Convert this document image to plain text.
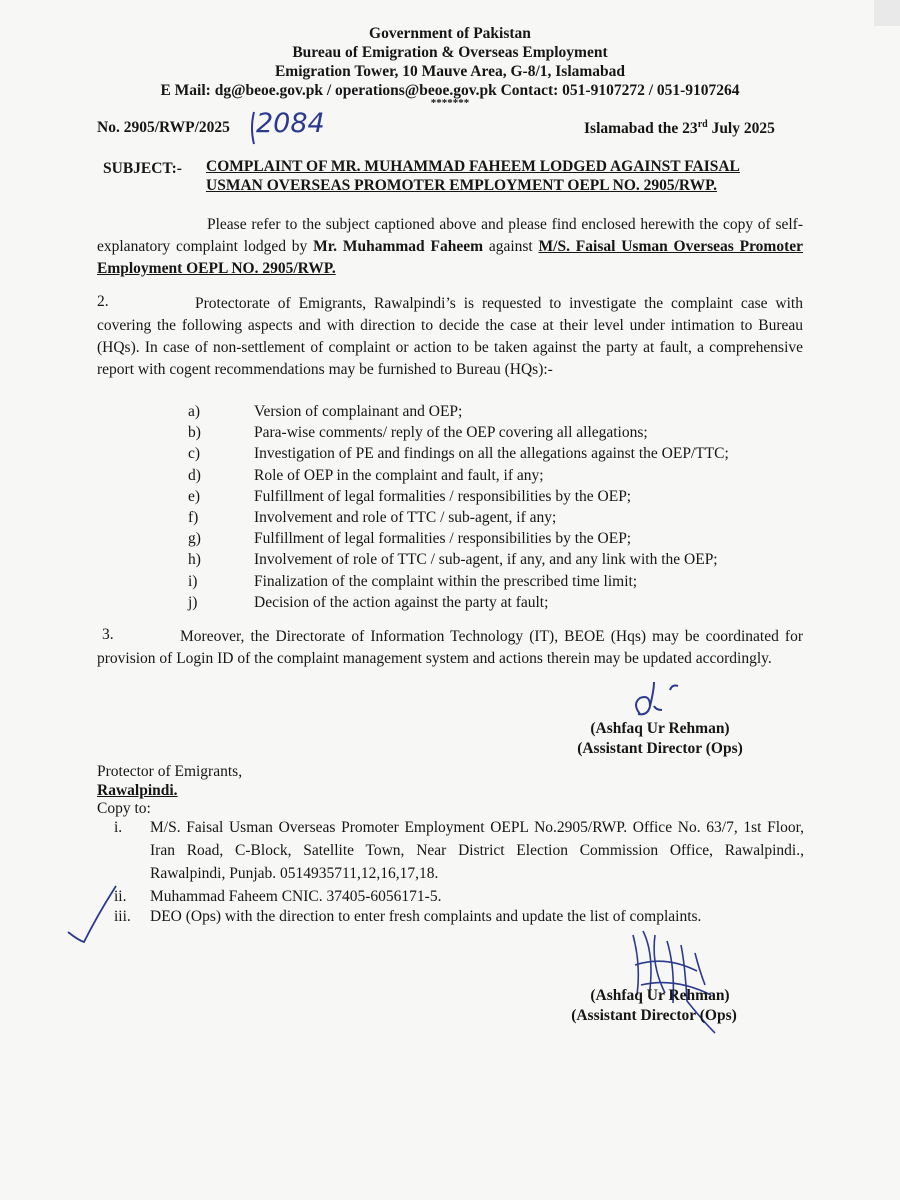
Government of Pakistan
Bureau of Emigration & Overseas Employment
Emigration Tower, 10 Mauve Area, G-8/1, Islamabad
E Mail: dg@beoe.gov.pk / operations@beoe.gov.pk Contact: 051-9107272 / 051-9107264
*******
No. 2905/RWP/2025 2084	Islamabad the 23rd July 2025
SUBJECT:- COMPLAINT OF MR. MUHAMMAD FAHEEM LODGED AGAINST FAISAL
USMAN OVERSEAS PROMOTER EMPLOYMENT OEPL NO. 2905/RWP.
Please refer to the subject captioned above and please find enclosed herewith the copy of self-explanatory complaint lodged by Mr. Muhammad Faheem against M/S. Faisal Usman Overseas Promoter Employment OEPL NO. 2905/RWP.
2.	Protectorate of Emigrants, Rawalpindi’s is requested to investigate the complaint case with covering the following aspects and with direction to decide the case at their level under intimation to Bureau (HQs). In case of non-settlement of complaint or action to be taken against the party at fault, a comprehensive report with cogent recommendations may be furnished to Bureau (HQs):-
a)	Version of complainant and OEP;
b)	Para-wise comments/ reply of the OEP covering all allegations;
c)	Investigation of PE and findings on all the allegations against the OEP/TTC;
d)	Role of OEP in the complaint and fault, if any;
e)	Fulfillment of legal formalities / responsibilities by the OEP;
f)	Involvement and role of TTC / sub-agent, if any;
g)	Fulfillment of legal formalities / responsibilities by the OEP;
h)	Involvement of role of TTC / sub-agent, if any, and any link with the OEP;
i)	Finalization of the complaint within the prescribed time limit;
j)	Decision of the action against the party at fault;
3.	Moreover, the Directorate of Information Technology (IT), BEOE (Hqs) may be coordinated for provision of Login ID of the complaint management system and actions therein may be updated accordingly.
(Ashfaq Ur Rehman)
(Assistant Director (Ops)
Protector of Emigrants,
Rawalpindi.
Copy to:
i.	M/S. Faisal Usman Overseas Promoter Employment OEPL No.2905/RWP. Office No. 63/7, 1st Floor, Iran Road, C-Block, Satellite Town, Near District Election Commission Office, Rawalpindi., Rawalpindi, Punjab. 0514935711,12,16,17,18.
ii.	Muhammad Faheem CNIC. 37405-6056171-5.
iii.	DEO (Ops) with the direction to enter fresh complaints and update the list of complaints.
(Ashfaq Ur Rehman)
(Assistant Director (Ops)
